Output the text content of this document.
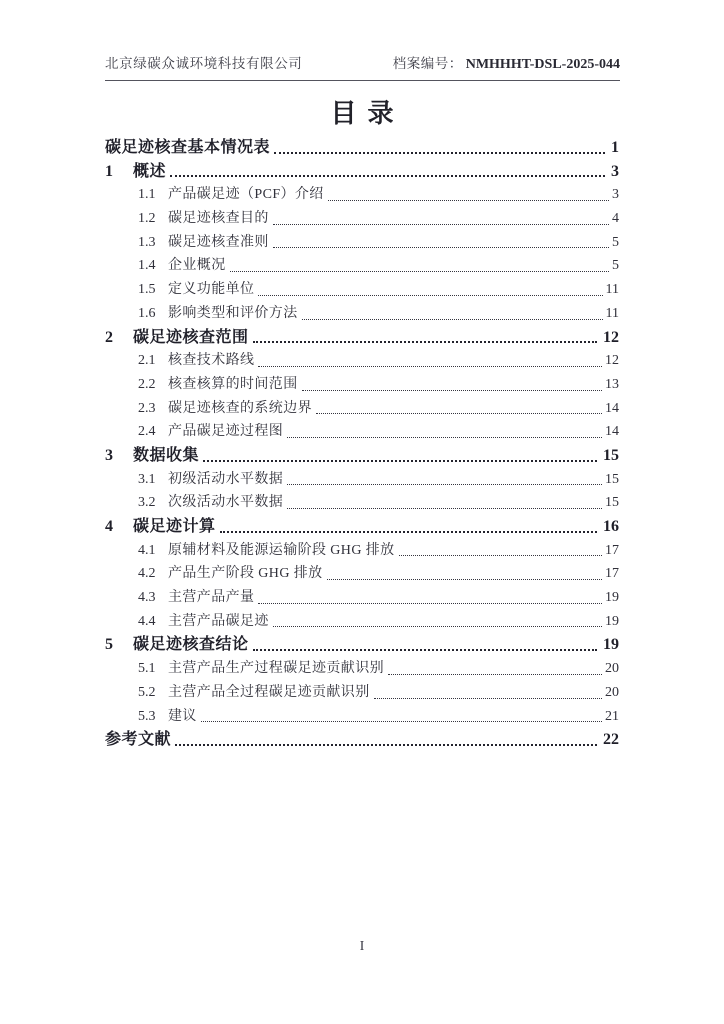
北京绿碳众诚环境科技有限公司	档案编号： NMHHHT-DSL-2025-044
目录
碳足迹核查基本情况表	1
1	概述	3
1.1 产品碳足迹（PCF）介绍	3
1.2 碳足迹核查目的	4
1.3 碳足迹核查准则	5
1.4 企业概况	5
1.5 定义功能单位	11
1.6 影响类型和评价方法	11
2	碳足迹核查范围	12
2.1 核查技术路线	12
2.2 核查核算的时间范围	13
2.3 碳足迹核查的系统边界	14
2.4 产品碳足迹过程图	14
3	数据收集	15
3.1 初级活动水平数据	15
3.2 次级活动水平数据	15
4	碳足迹计算	16
4.1 原辅材料及能源运输阶段 GHG 排放	17
4.2 产品生产阶段 GHG 排放	17
4.3 主营产品产量	19
4.4 主营产品碳足迹	19
5	碳足迹核查结论	19
5.1 主营产品生产过程碳足迹贡献识别	20
5.2 主营产品全过程碳足迹贡献识别	20
5.3 建议	21
参考文献	22
I
